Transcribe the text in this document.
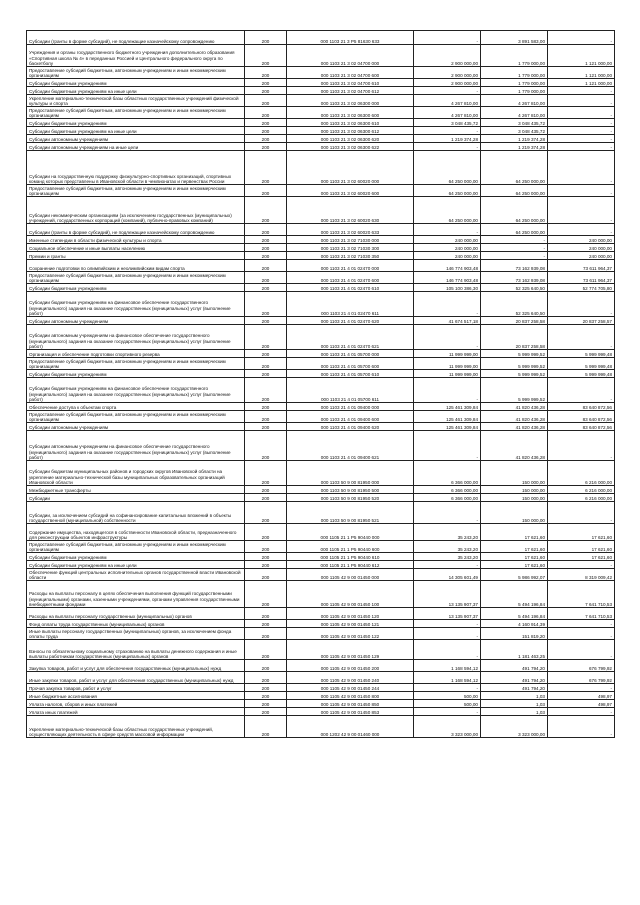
Субсидии (гранты в форме субсидий), не подлежащие казначейскому сопровождению	200	000 1103 21 3 Р5 81630 633	-	3 891 583,00	-
Учреждения и органы государственного бюджетного учреждения дополнительного образования «Спортивная школа № 4» в переданных Россией и Центрального федерального округа по баскетболу	200	000 1103 21 3 02 04700 000	2 900 000,00	1 779 000,00	1 121 000,00
Предоставление субсидий бюджетным, автономным учреждениям и иным некоммерческим организациям	200	000 1103 21 3 02 04700 600	2 900 000,00	1 779 000,00	1 121 000,00
Субсидии бюджетным учреждениям	200	000 1103 21 3 02 04700 610	2 900 000,00	1 779 000,00	1 121 000,00
Субсидии бюджетным учреждениям на иные цели	200	000 1103 21 3 02 04700 612	-	1 779 000,00	-
Укрепление материально-технической базы областных государственных учреждений физической культуры и спорта	200	000 1103 21 3 02 06300 000	4 267 810,00	4 267 810,00	-
Предоставление субсидий бюджетным, автономным учреждениям и иным некоммерческим организациям	200	000 1103 21 3 02 06300 600	4 267 810,00	4 267 810,00	-
Субсидии бюджетным учреждениям	200	000 1103 21 3 02 06300 610	3 048 435,72	3 048 435,72	-
Субсидии бюджетным учреждениям на иные цели	200	000 1103 21 3 02 06300 612	-	3 048 435,72	-
Субсидии автономным учреждениям	200	000 1103 21 3 02 06300 620	1 219 374,28	1 219 374,28	-
Субсидии автономным учреждениям на иные цели	200	000 1103 21 3 02 06300 622	-	1 219 374,28	-
Субсидии на государственную поддержку физкультурно-спортивных организаций, спортивных команд которых представлены в Ивановской области в чемпионатах и первенствах России	200	000 1103 21 3 02 60020 000	64 250 000,00	64 250 000,00	-
Предоставление субсидий бюджетным, автономным учреждениям и иным некоммерческим организациям	200	000 1103 21 3 02 60020 600	64 250 000,00	64 250 000,00	-
Субсидии некоммерческим организациям (за исключением государственных (муниципальных) учреждений, государственных корпораций (компаний), публично-правовых компаний)	200	000 1103 21 3 02 60020 630	64 250 000,00	64 250 000,00	-
Субсидии (гранты в форме субсидий), не подлежащие казначейскому сопровождению	200	000 1103 21 3 02 60020 633	-	64 250 000,00	-
Именные стипендии в области физической культуры и спорта	200	000 1103 21 3 02 71030 000	240 000,00	-	240 000,00
Социальное обеспечение и иные выплаты населению	200	000 1103 21 3 02 71030 300	240 000,00	-	240 000,00
Премии и гранты	200	000 1103 21 3 02 71030 350	240 000,00	-	240 000,00
Сохранение подготовки по олимпийским и неолимпийским видам спорта	200	000 1103 21 4 01 02470 000	146 774 903,48	73 162 939,08	73 611 964,37
Предоставление субсидий бюджетным, автономным учреждениям и иным некоммерческим организациям	200	000 1103 21 4 01 02470 600	146 774 903,48	73 162 939,08	73 611 964,37
Субсидии бюджетным учреждениям	200	000 1103 21 4 01 02470 610	105 100 386,30	52 325 640,50	52 774 705,80
Субсидии бюджетным учреждениям на финансовое обеспечение государственного (муниципального) задания на оказание государственных (муниципальных) услуг (выполнение работ)	200	000 1103 21 4 01 02470 611	-	52 325 640,50	-
Субсидии автономным учреждениям	200	000 1103 21 4 01 02470 620	41 674 517,18	20 837 258,58	20 837 258,57
Субсидии автономным учреждениям на финансовое обеспечение государственного (муниципального) задания на оказание государственных (муниципальных) услуг (выполнение работ)	200	000 1103 21 4 01 02470 621	-	20 837 258,58	-
Организация и обеспечение подготовки спортивного резерва	200	000 1103 21 4 01 05700 000	11 999 999,00	5 999 999,52	5 999 999,48
Предоставление субсидий бюджетным, автономным учреждениям и иным некоммерческим организациям	200	000 1103 21 4 01 05700 600	11 999 999,00	5 999 999,52	5 999 999,48
Субсидии бюджетным учреждениям	200	000 1103 21 4 01 05700 610	11 999 999,00	5 999 999,52	5 999 999,48
Субсидии бюджетным учреждениям на финансовое обеспечение государственного (муниципального) задания на оказание государственных (муниципальных) услуг (выполнение работ)	200	000 1103 21 4 01 05700 611	-	5 999 999,52	-
Обеспечение доступа к объектам спорта	200	000 1103 21 4 01 09400 000	125 461 309,84	41 820 436,28	83 640 872,56
Предоставление субсидий бюджетным, автономным учреждениям и иным некоммерческим организациям	200	000 1103 21 4 01 09400 600	125 461 309,84	41 820 436,28	83 640 872,56
Субсидии автономным учреждениям	200	000 1103 21 4 01 09400 620	125 461 309,84	41 820 436,28	83 640 872,56
Субсидии автономным учреждениям на финансовое обеспечение государственного (муниципального) задания на оказание государственных (муниципальных) услуг (выполнение работ)	200	000 1103 21 4 01 09400 621	-	41 820 436,28	-
Субсидии бюджетам муниципальных районов и городских округов Ивановской области на укрепление материально-технической базы муниципальных образовательных организаций Ивановской области	200	000 1103 50 9 00 81950 000	6 366 000,00	150 000,00	6 216 000,00
Межбюджетные трансферты	200	000 1103 50 9 00 81950 500	6 366 000,00	150 000,00	6 216 000,00
Субсидии	200	000 1103 50 9 00 81950 520	6 366 000,00	150 000,00	6 216 000,00
Субсидии, за исключением субсидий на софинансирование капитальных вложений в объекты государственной (муниципальной) собственности	200	000 1103 50 9 00 81950 521	-	150 000,00	-
Содержание имущества, находящегося в собственности Ивановской области, предназначенного для реконструкции объектов инфраструктуры	200	000 1105 21 1 Р5 90440 000	35 243,20	17 621,60	17 621,60
Предоставление субсидий бюджетным, автономным учреждениям и иным некоммерческим организациям	200	000 1105 21 1 Р5 90440 600	35 243,20	17 621,60	17 621,60
Субсидии бюджетным учреждениям	200	000 1105 21 1 Р5 90440 610	35 243,20	17 621,60	17 621,60
Субсидии бюджетным учреждениям на иные цели	200	000 1105 21 1 Р5 90440 612	-	17 621,60	-
Обеспечение функций центральных исполнительных органов государственной власти Ивановской области	200	000 1105 42 9 00 01450 000	14 305 601,49	5 986 992,07	8 319 009,42
Расходы на выплаты персоналу в целях обеспечения выполнения функций государственными (муниципальными) органами, казенными учреждениями, органами управления государственными внебюджетными фондами	200	000 1105 42 9 00 01450 100	13 135 907,37	5 494 196,84	7 641 710,53
Расходы на выплаты персоналу государственных (муниципальных) органов	200	000 1105 42 9 00 01450 120	13 135 907,37	5 494 196,84	7 641 710,53
Фонд оплаты труда государственных (муниципальных) органов	200	000 1105 42 9 00 01450 121	-	4 160 914,39	-
Иные выплаты персоналу государственных (муниципальных) органов, за исключением фонда оплаты труда	200	000 1105 42 9 00 01450 122	-	151 819,20	-
Взносы по обязательному социальному страхованию на выплаты денежного содержания и иные выплаты работникам государственных (муниципальных) органов	200	000 1105 42 9 00 01450 129	-	1 181 463,25	-
Закупка товаров, работ и услуг для обеспечения государственных (муниципальных) нужд	200	000 1105 42 9 00 01450 200	1 168 594,12	491 794,20	676 799,92
Иные закупки товаров, работ и услуг для обеспечения государственных (муниципальных) нужд	200	000 1105 42 9 00 01450 240	1 168 594,12	491 794,20	676 799,92
Прочая закупка товаров, работ и услуг	200	000 1105 42 9 00 01450 244	-	491 794,20	-
Иные бюджетные ассигнования	200	000 1105 42 9 00 01450 800	500,00	1,03	498,97
Уплата налогов, сборов и иных платежей	200	000 1105 42 9 00 01450 850	500,00	1,03	498,97
Уплата иных платежей	200	000 1105 42 9 00 01450 853	-	1,03	-
Укрепление материально-технической базы областных государственных учреждений, осуществляющих деятельность в сфере средств массовой информации	200	000 1202 42 9 00 01460 000	3 323 000,00	3 323 000,00	-
